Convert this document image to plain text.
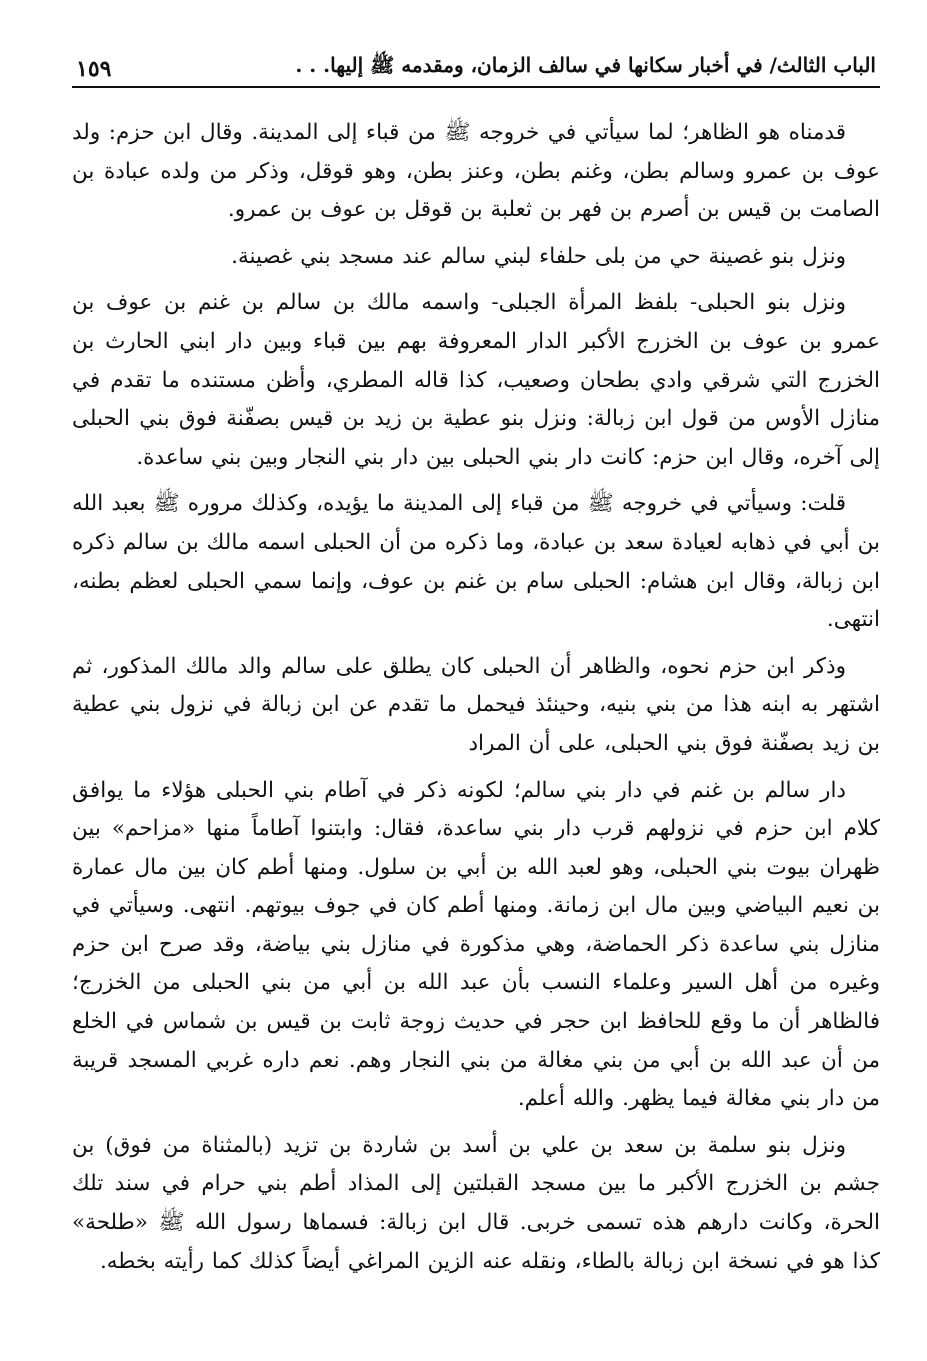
الباب الثالث/ في أخبار سكانها في سالف الزمان، ومقدمه ﷺ إليها. . .
١٥٩

قدمناه هو الظاهر؛ لما سيأتي في خروجه ﷺ من قباء إلى المدينة. وقال ابن حزم: ولد عوف بن عمرو وسالم بطن، وغنم بطن، وعنز بطن، وهو قوقل، وذكر من ولده عبادة بن الصامت بن قيس بن أصرم بن فهر بن ثعلبة بن قوقل بن عوف بن عمرو.

ونزل بنو غصينة حي من بلى حلفاء لبني سالم عند مسجد بني غصينة.

ونزل بنو الحبلى- بلفظ المرأة الجبلى- واسمه مالك بن سالم بن غنم بن عوف بن عمرو بن عوف بن الخزرج الأكبر الدار المعروفة بهم بين قباء وبين دار ابني الحارث بن الخزرج التي شرقي وادي بطحان وصعيب، كذا قاله المطري، وأظن مستنده ما تقدم في منازل الأوس من قول ابن زبالة: ونزل بنو عطية بن زيد بن قيس بصفّنة فوق بني الحبلى إلى آخره، وقال ابن حزم: كانت دار بني الحبلى بين دار بني النجار وبين بني ساعدة.

قلت: وسيأتي في خروجه ﷺ من قباء إلى المدينة ما يؤيده، وكذلك مروره ﷺ بعبد الله بن أبي في ذهابه لعيادة سعد بن عبادة، وما ذكره من أن الحبلى اسمه مالك بن سالم ذكره ابن زبالة، وقال ابن هشام: الحبلى سام بن غنم بن عوف، وإنما سمي الحبلى لعظم بطنه، انتهى.

وذكر ابن حزم نحوه، والظاهر أن الحبلى كان يطلق على سالم والد مالك المذكور، ثم اشتهر به ابنه هذا من بني بنيه، وحينئذ فيحمل ما تقدم عن ابن زبالة في نزول بني عطية بن زيد بصفّنة فوق بني الحبلى، على أن المراد

دار سالم بن غنم في دار بني سالم؛ لكونه ذكر في آطام بني الحبلى هؤلاء ما يوافق كلام ابن حزم في نزولهم قرب دار بني ساعدة، فقال: وابتنوا آطاماً منها «مزاحم» بين ظهران بيوت بني الحبلى، وهو لعبد الله بن أبي بن سلول. ومنها أطم كان بين مال عمارة بن نعيم البياضي وبين مال ابن زمانة. ومنها أطم كان في جوف بيوتهم. انتهى. وسيأتي في منازل بني ساعدة ذكر الحماضة، وهي مذكورة في منازل بني بياضة، وقد صرح ابن حزم وغيره من أهل السير وعلماء النسب بأن عبد الله بن أبي من بني الحبلى من الخزرج؛ فالظاهر أن ما وقع للحافظ ابن حجر في حديث زوجة ثابت بن قيس بن شماس في الخلع من أن عبد الله بن أبي من بني مغالة من بني النجار وهم. نعم داره غربي المسجد قريبة من دار بني مغالة فيما يظهر. والله أعلم.

ونزل بنو سلمة بن سعد بن علي بن أسد بن شاردة بن تزيد (بالمثناة من فوق) بن جشم بن الخزرج الأكبر ما بين مسجد القبلتين إلى المذاد أطم بني حرام في سند تلك الحرة، وكانت دارهم هذه تسمى خربى. قال ابن زبالة: فسماها رسول الله ﷺ «طلحة» كذا هو في نسخة ابن زبالة بالطاء، ونقله عنه الزين المراغي أيضاً كذلك كما رأيته بخطه.
